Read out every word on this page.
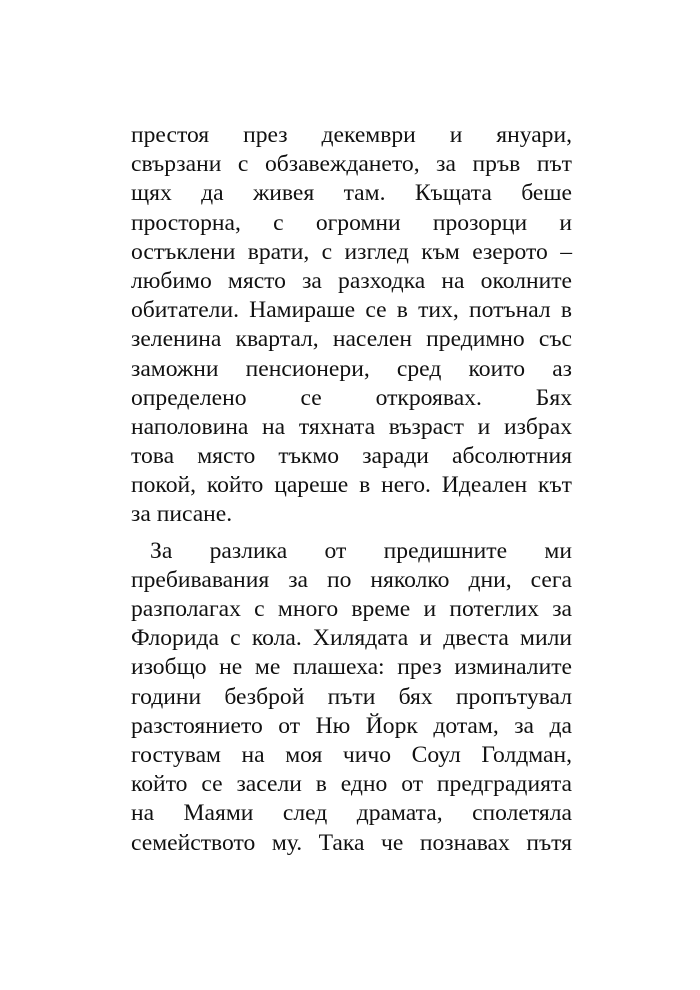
престоя през декември и януари,
свързани с обзавеждането, за пръв път
щях да живея там. Къщата беше
просторна, с огромни прозорци и
остъклени врати, с изглед към езерото –
любимо място за разходка на околните
обитатели. Намираше се в тих, потънал в
зеленина квартал, населен предимно със
заможни пенсионери, сред които аз
определено се откроявах. Бях
наполовина на тяхната възраст и избрах
това място тъкмо заради абсолютния
покой, който цареше в него. Идеален кът
за писане.
За разлика от предишните ми
пребивавания за по няколко дни, сега
разполагах с много време и потеглих за
Флорида с кола. Хилядата и двеста мили
изобщо не ме плашеха: през изминалите
години безброй пъти бях пропътувал
разстоянието от Ню Йорк дотам, за да
гостувам на моя чичо Соул Голдман,
който се засели в едно от предградията
на Маями след драмата, сполетяла
семейството му. Така че познавах пътя
